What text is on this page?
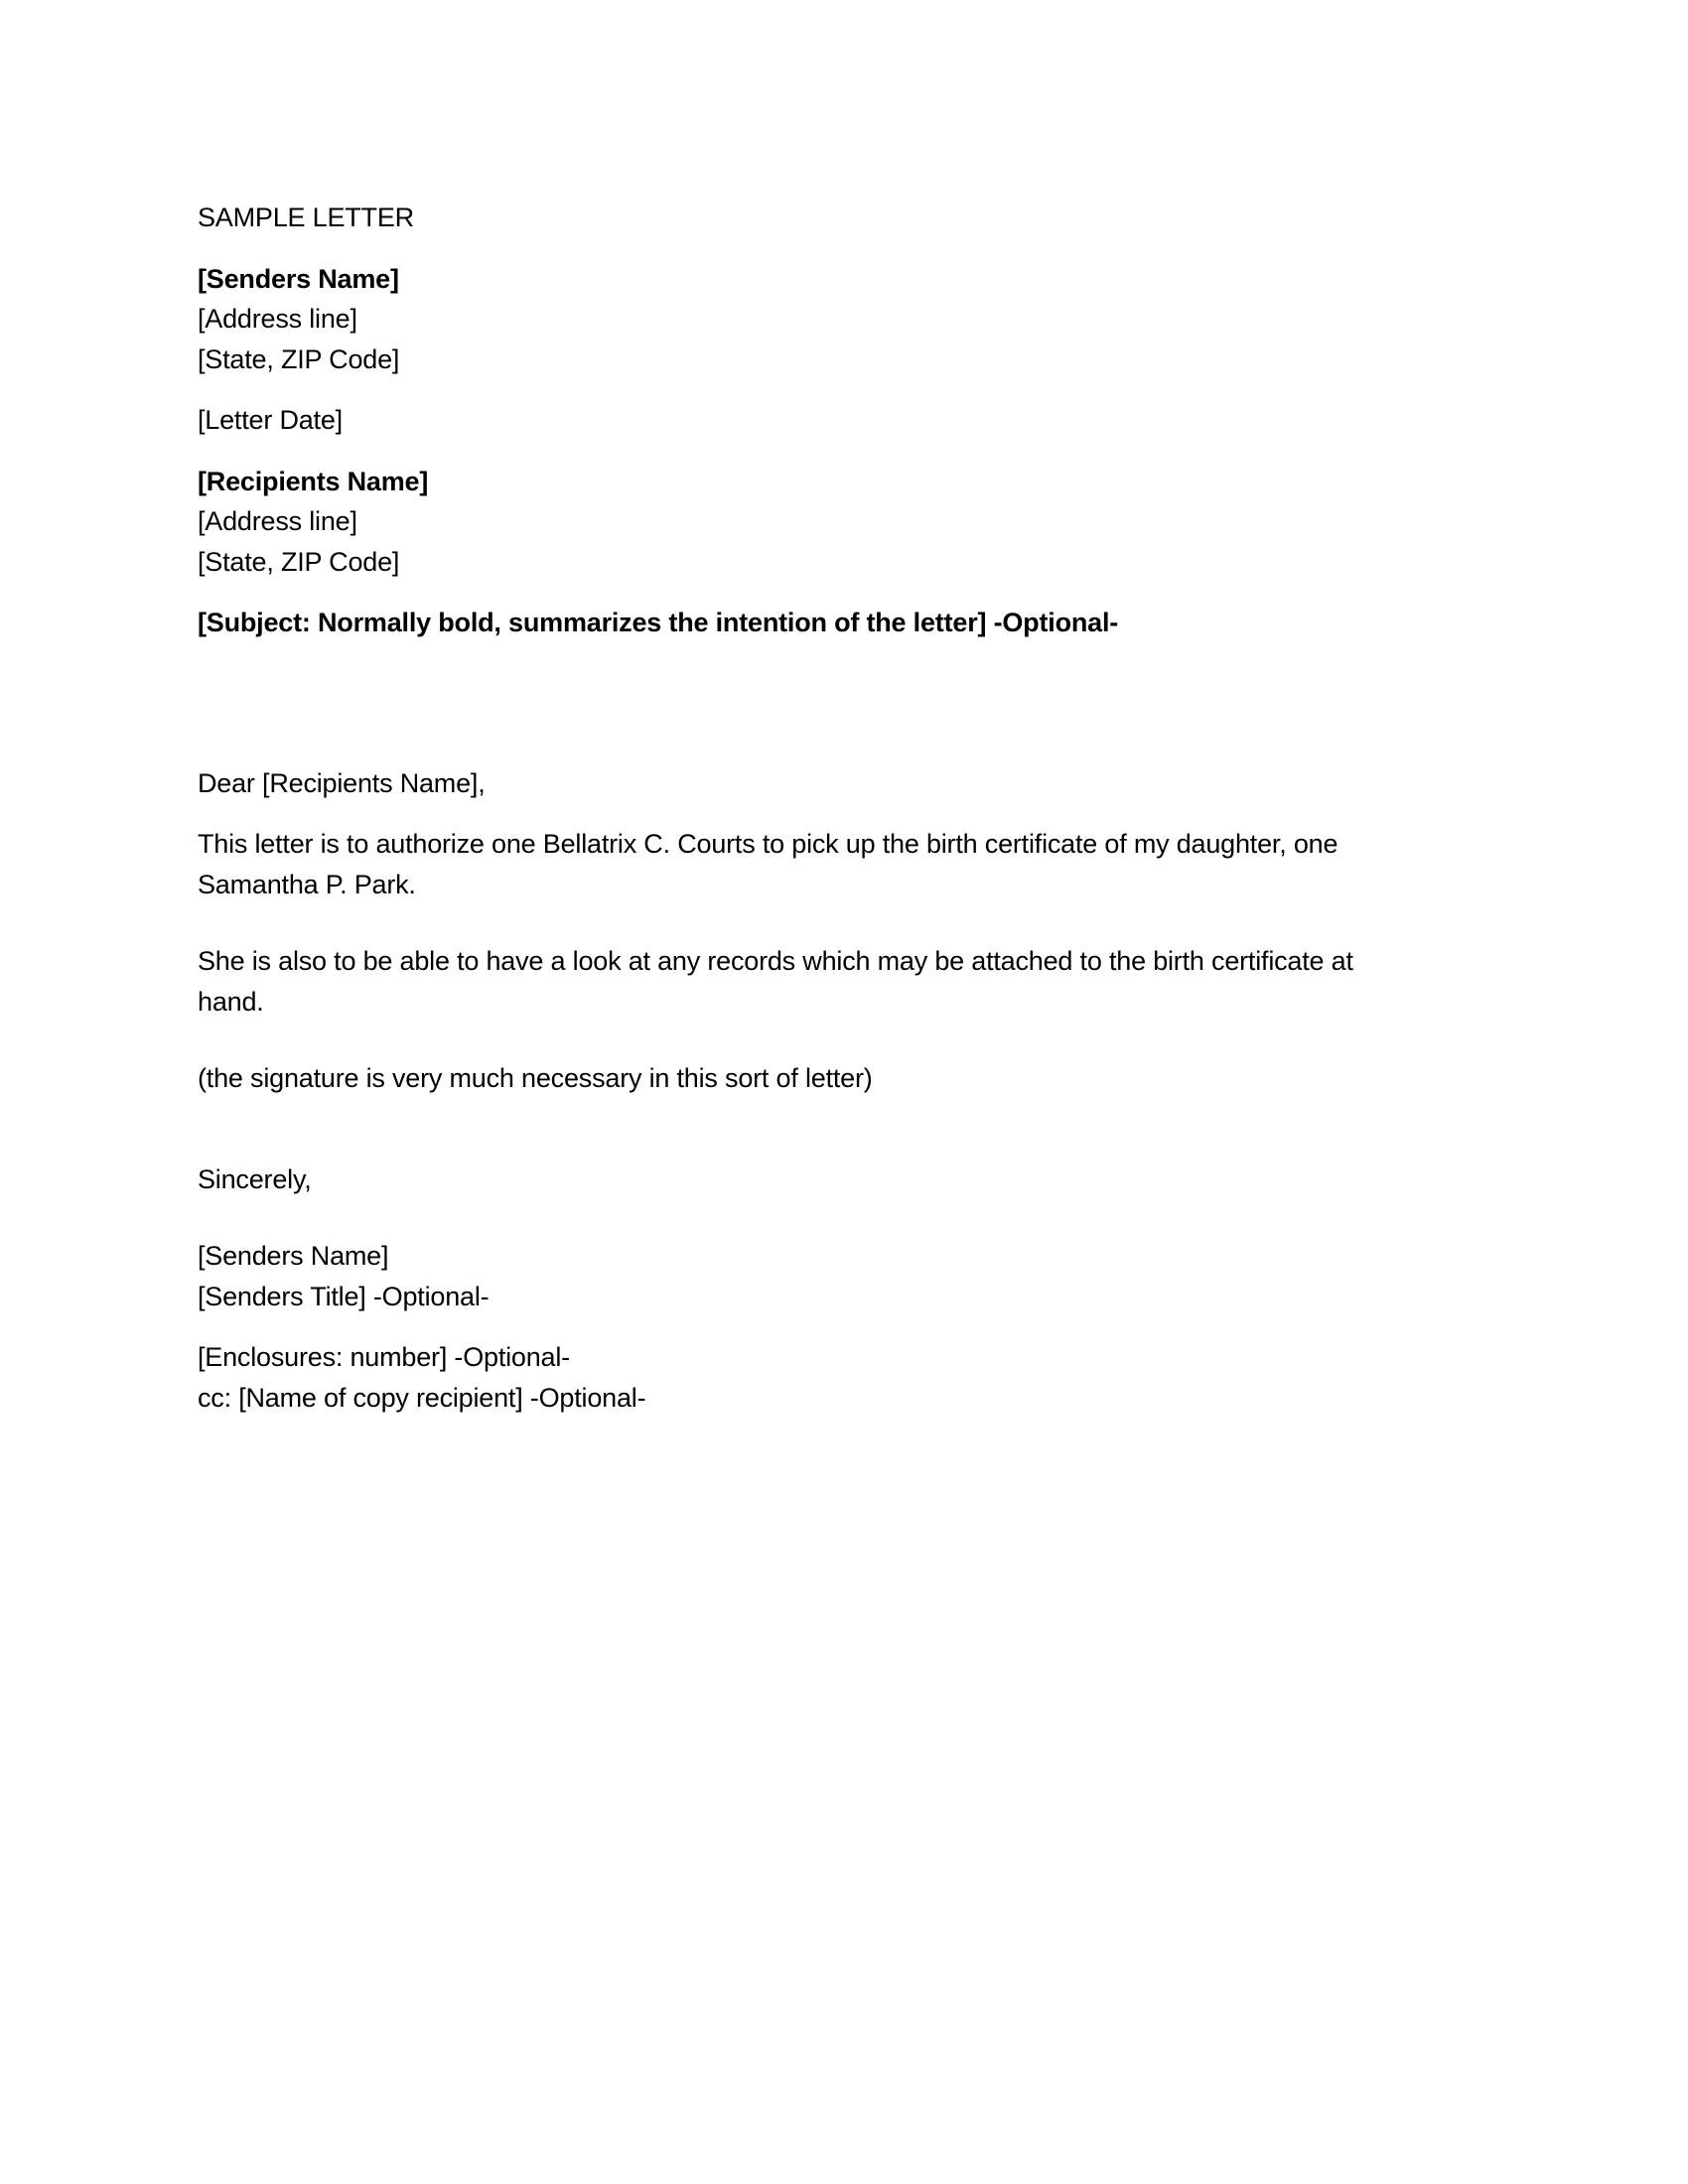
SAMPLE LETTER
[Senders Name]
[Address line]
[State, ZIP Code]
[Letter Date]
[Recipients Name]
[Address line]
[State, ZIP Code]
[Subject: Normally bold, summarizes the intention of the letter] -Optional-
Dear [Recipients Name],
This letter is to authorize one Bellatrix C. Courts to pick up the birth certificate of my daughter, one
Samantha P. Park.
She is also to be able to have a look at any records which may be attached to the birth certificate at
hand.
(the signature is very much necessary in this sort of letter)
Sincerely,
[Senders Name]
[Senders Title] -Optional-
[Enclosures: number] -Optional-
cc: [Name of copy recipient] -Optional-
